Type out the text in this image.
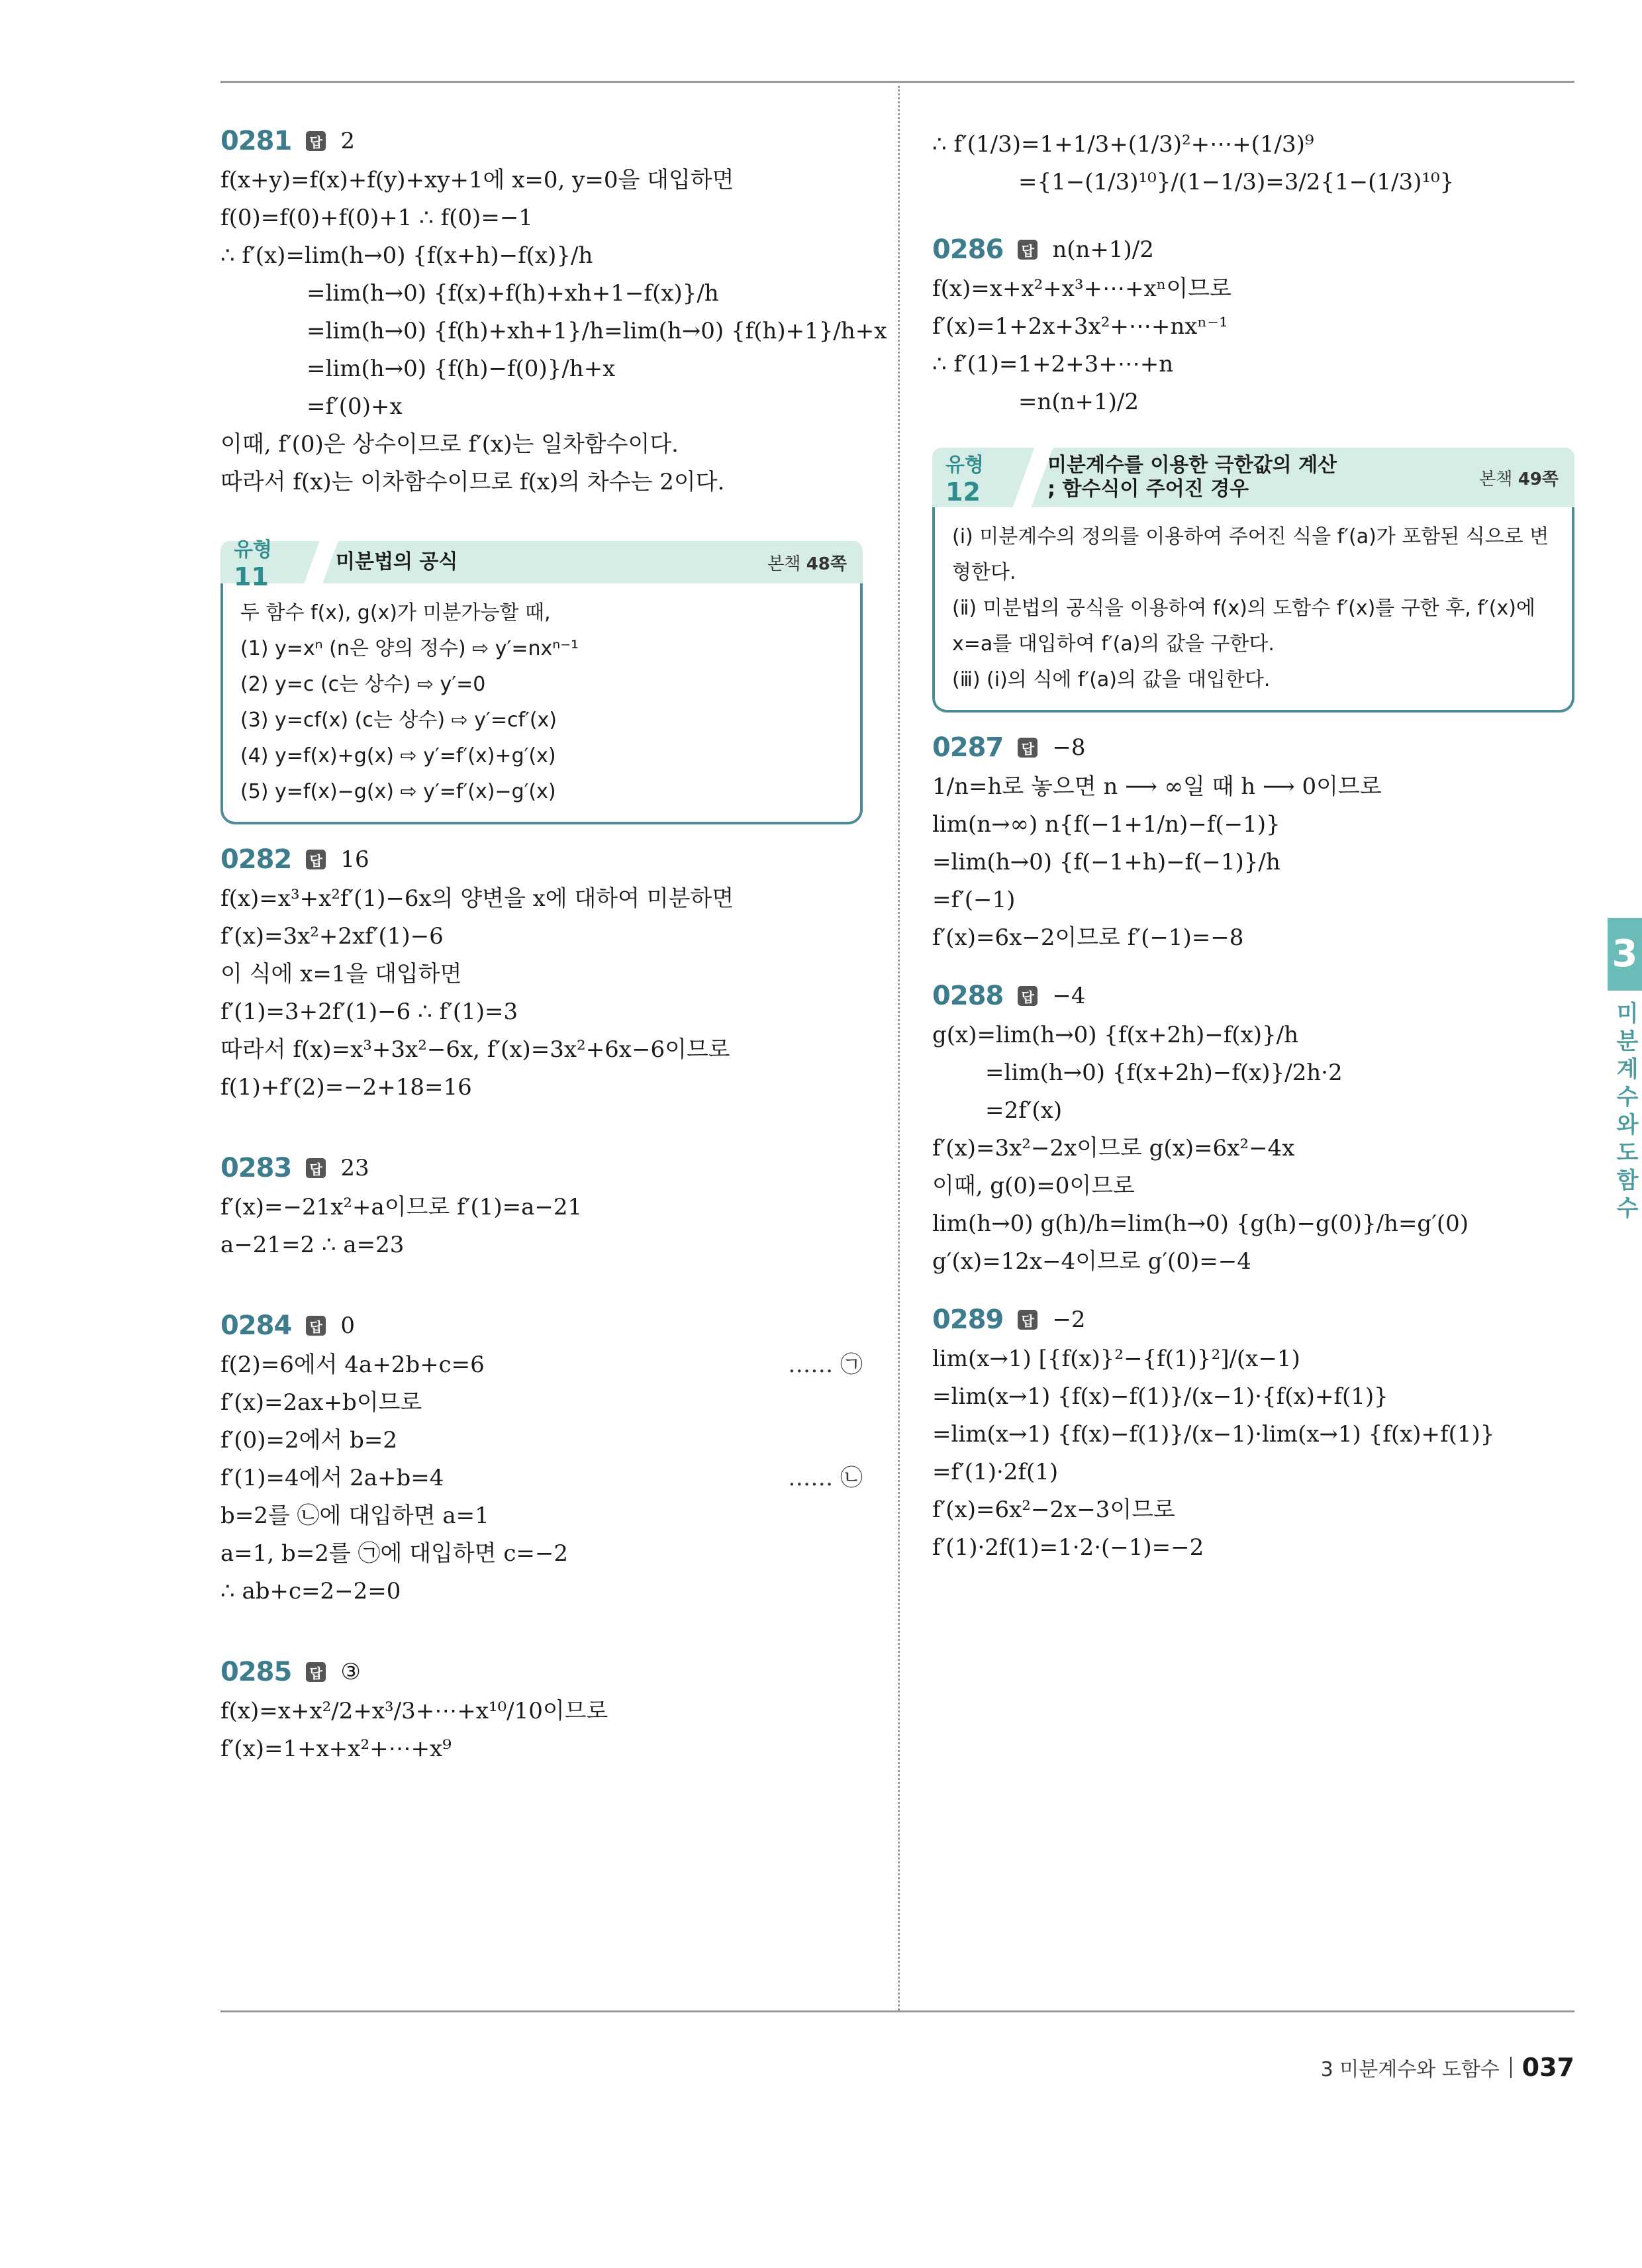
0281 답 2
f(x+y)=f(x)+f(y)+xy+1에 x=0, y=0을 대입하면
f(0)=f(0)+f(0)+1 ∴ f(0)=−1
∴ f′(x)=lim(h→0) {f(x+h)−f(x)}/h
=lim(h→0) {f(x)+f(h)+xh+1−f(x)}/h
=lim(h→0) {f(h)+xh+1}/h=lim(h→0) {f(h)+1}/h+x
=lim(h→0) {f(h)−f(0)}/h+x
=f′(0)+x
이때, f′(0)은 상수이므로 f′(x)는 일차함수이다.
따라서 f(x)는 이차함수이므로 f(x)의 차수는 2이다.
유형 11
미분법의 공식	본책 48쪽
두 함수 f(x), g(x)가 미분가능할 때,
(1) y=xⁿ (n은 양의 정수) ⇨ y′=nxⁿ⁻¹
(2) y=c (c는 상수) ⇨ y′=0
(3) y=cf(x) (c는 상수) ⇨ y′=cf′(x)
(4) y=f(x)+g(x) ⇨ y′=f′(x)+g′(x)
(5) y=f(x)−g(x) ⇨ y′=f′(x)−g′(x)
0282 답 16
f(x)=x³+x²f′(1)−6x의 양변을 x에 대하여 미분하면
f′(x)=3x²+2xf′(1)−6
이 식에 x=1을 대입하면
f′(1)=3+2f′(1)−6 ∴ f′(1)=3
따라서 f(x)=x³+3x²−6x, f′(x)=3x²+6x−6이므로
f(1)+f′(2)=−2+18=16
0283 답 23
f′(x)=−21x²+a이므로 f′(1)=a−21
a−21=2 ∴ a=23
0284 답 0
f(2)=6에서 4a+2b+c=6	…… ㉠
f′(x)=2ax+b이므로
f′(0)=2에서 b=2
f′(1)=4에서 2a+b=4	…… ㉡
b=2를 ㉡에 대입하면 a=1
a=1, b=2를 ㉠에 대입하면 c=−2
∴ ab+c=2−2=0
0285 답 ③
f(x)=x+x²/2+x³/3+⋯+x¹⁰/10이므로
f′(x)=1+x+x²+⋯+x⁹
∴ f′(1/3)=1+1/3+(1/3)²+⋯+(1/3)⁹
={1−(1/3)¹⁰}/(1−1/3)=3/2{1−(1/3)¹⁰}
0286 답 n(n+1)/2
f(x)=x+x²+x³+⋯+xⁿ이므로
f′(x)=1+2x+3x²+⋯+nxⁿ⁻¹
∴ f′(1)=1+2+3+⋯+n
=n(n+1)/2
유형 12
미분계수를 이용한 극한값의 계산
; 함수식이 주어진 경우	본책 49쪽
(ⅰ) 미분계수의 정의를 이용하여 주어진 식을 f′(a)가 포함된 식으로 변형한다.
(ⅱ) 미분법의 공식을 이용하여 f(x)의 도함수 f′(x)를 구한 후, f′(x)에 x=a를 대입하여 f′(a)의 값을 구한다.
(ⅲ) (ⅰ)의 식에 f′(a)의 값을 대입한다.
0287 답 −8
1/n=h로 놓으면 n ⟶ ∞일 때 h ⟶ 0이므로
lim(n→∞) n{f(−1+1/n)−f(−1)}
=lim(h→0) {f(−1+h)−f(−1)}/h
=f′(−1)
f′(x)=6x−2이므로 f′(−1)=−8
0288 답 −4
g(x)=lim(h→0) {f(x+2h)−f(x)}/h
=lim(h→0) {f(x+2h)−f(x)}/2h·2
=2f′(x)
f′(x)=3x²−2x이므로 g(x)=6x²−4x
이때, g(0)=0이므로
lim(h→0) g(h)/h=lim(h→0) {g(h)−g(0)}/h=g′(0)
g′(x)=12x−4이므로 g′(0)=−4
0289 답 −2
lim(x→1) [{f(x)}²−{f(1)}²]/(x−1)
=lim(x→1) {f(x)−f(1)}/(x−1)·{f(x)+f(1)}
=lim(x→1) {f(x)−f(1)}/(x−1)·lim(x→1) {f(x)+f(1)}
=f′(1)·2f(1)
f′(x)=6x²−2x−3이므로
f′(1)·2f(1)=1·2·(−1)=−2
3
미분계수와 도함수
3 미분계수와 도함수 037
